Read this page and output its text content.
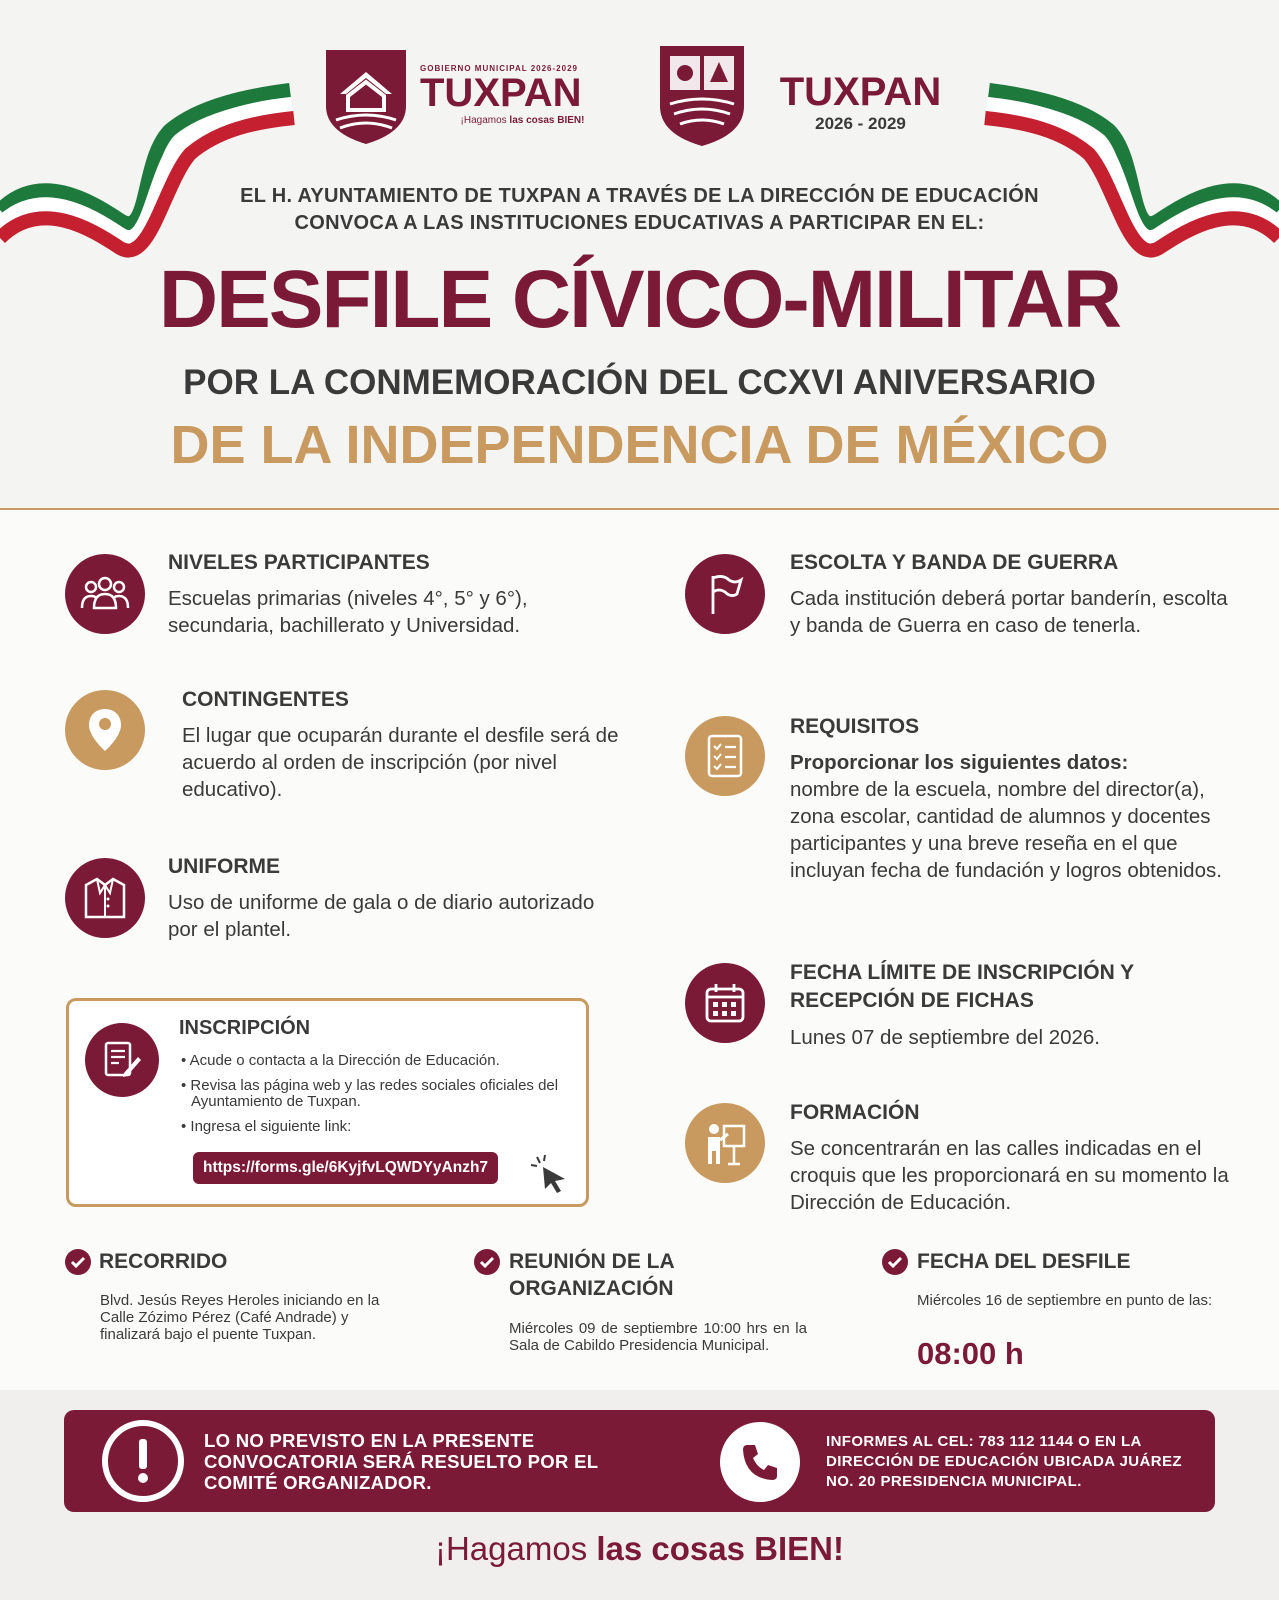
GOBIERNO MUNICIPAL 2026-2029
TUXPAN
¡Hagamos las cosas BIEN!
TUXPAN
2026 - 2029
EL H. AYUNTAMIENTO DE TUXPAN A TRAVÉS DE LA DIRECCIÓN DE EDUCACIÓN
CONVOCA A LAS INSTITUCIONES EDUCATIVAS A PARTICIPAR EN EL:
DESFILE CÍVICO-MILITAR
POR LA CONMEMORACIÓN DEL CCXVI ANIVERSARIO
DE LA INDEPENDENCIA DE MÉXICO
NIVELES PARTICIPANTES
Escuelas primarias (niveles 4°, 5° y 6°), secundaria, bachillerato y Universidad.
CONTINGENTES
El lugar que ocuparán durante el desfile será de acuerdo al orden de inscripción (por nivel educativo).
UNIFORME
Uso de uniforme de gala o de diario autorizado por el plantel.
INSCRIPCIÓN
• Acude o contacta a la Dirección de Educación.
• Revisa las página web y las redes sociales oficiales del Ayuntamiento de Tuxpan.
• Ingresa el siguiente link:
https://forms.gle/6KyjfvLQWDYyAnzh7
ESCOLTA Y BANDA DE GUERRA
Cada institución deberá portar banderín, escolta y banda de Guerra en caso de tenerla.
REQUISITOS
Proporcionar los siguientes datos:
nombre de la escuela, nombre del director(a), zona escolar, cantidad de alumnos y docentes participantes y una breve reseña en el que incluyan fecha de fundación y logros obtenidos.
FECHA LÍMITE DE INSCRIPCIÓN Y RECEPCIÓN DE FICHAS
Lunes 07 de septiembre del 2026.
FORMACIÓN
Se concentrarán en las calles indicadas en el croquis que les proporcionará en su momento la Dirección de Educación.
RECORRIDO
Blvd. Jesús Reyes Heroles iniciando en la Calle Zózimo Pérez (Café Andrade) y finalizará bajo el puente Tuxpan.
REUNIÓN DE LA
ORGANIZACIÓN
Miércoles 09 de septiembre 10:00 hrs en la Sala de Cabildo Presidencia Municipal.
FECHA DEL DESFILE
Miércoles 16 de septiembre en punto de las:
08:00 h
LO NO PREVISTO EN LA PRESENTE CONVOCATORIA SERÁ RESUELTO POR EL COMITÉ ORGANIZADOR.
INFORMES AL CEL: 783 112 1144 O EN LA DIRECCIÓN DE EDUCACIÓN UBICADA JUÁREZ NO. 20 PRESIDENCIA MUNICIPAL.
¡Hagamos las cosas BIEN!
